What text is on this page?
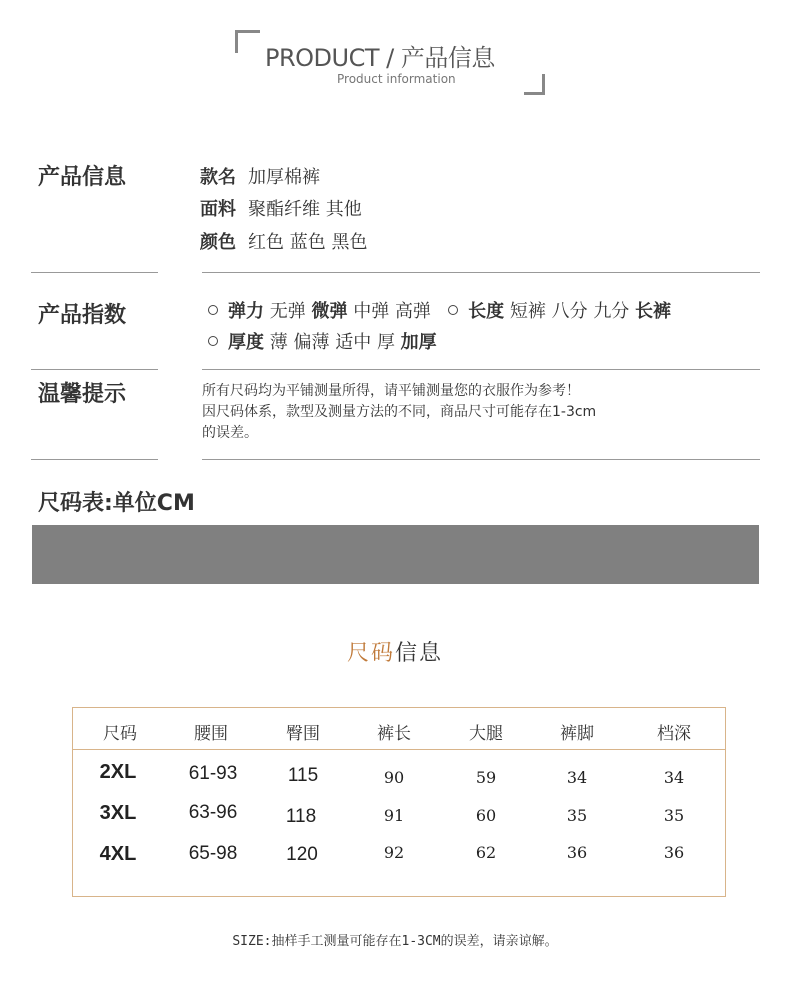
PRODUCT / 产品信息
Product information
产品信息	款名 加厚棉裤
面料 聚酯纤维 其他
颜色 红色 蓝色 黑色
产品指数	弹力 无弹 微弹 中弹 高弹 长度 短裤 八分 九分 长裤
厚度 薄 偏薄 适中 厚 加厚
温馨提示	所有尺码均为平铺测量所得，请平铺测量您的衣服作为参考！
因尺码体系，款型及测量方法的不同，商品尺寸可能存在1-3cm
的误差。
尺码表:单位CM
尺码信息
尺码	腰围	臀围	裤长	大腿	裤脚	档深
2XL	61-93	115	90	59	34	34
3XL	63-96	118	91	60	35	35
4XL	65-98	120	92	62	36	36
SIZE:抽样手工测量可能存在1-3CM的误差，请亲谅解。
